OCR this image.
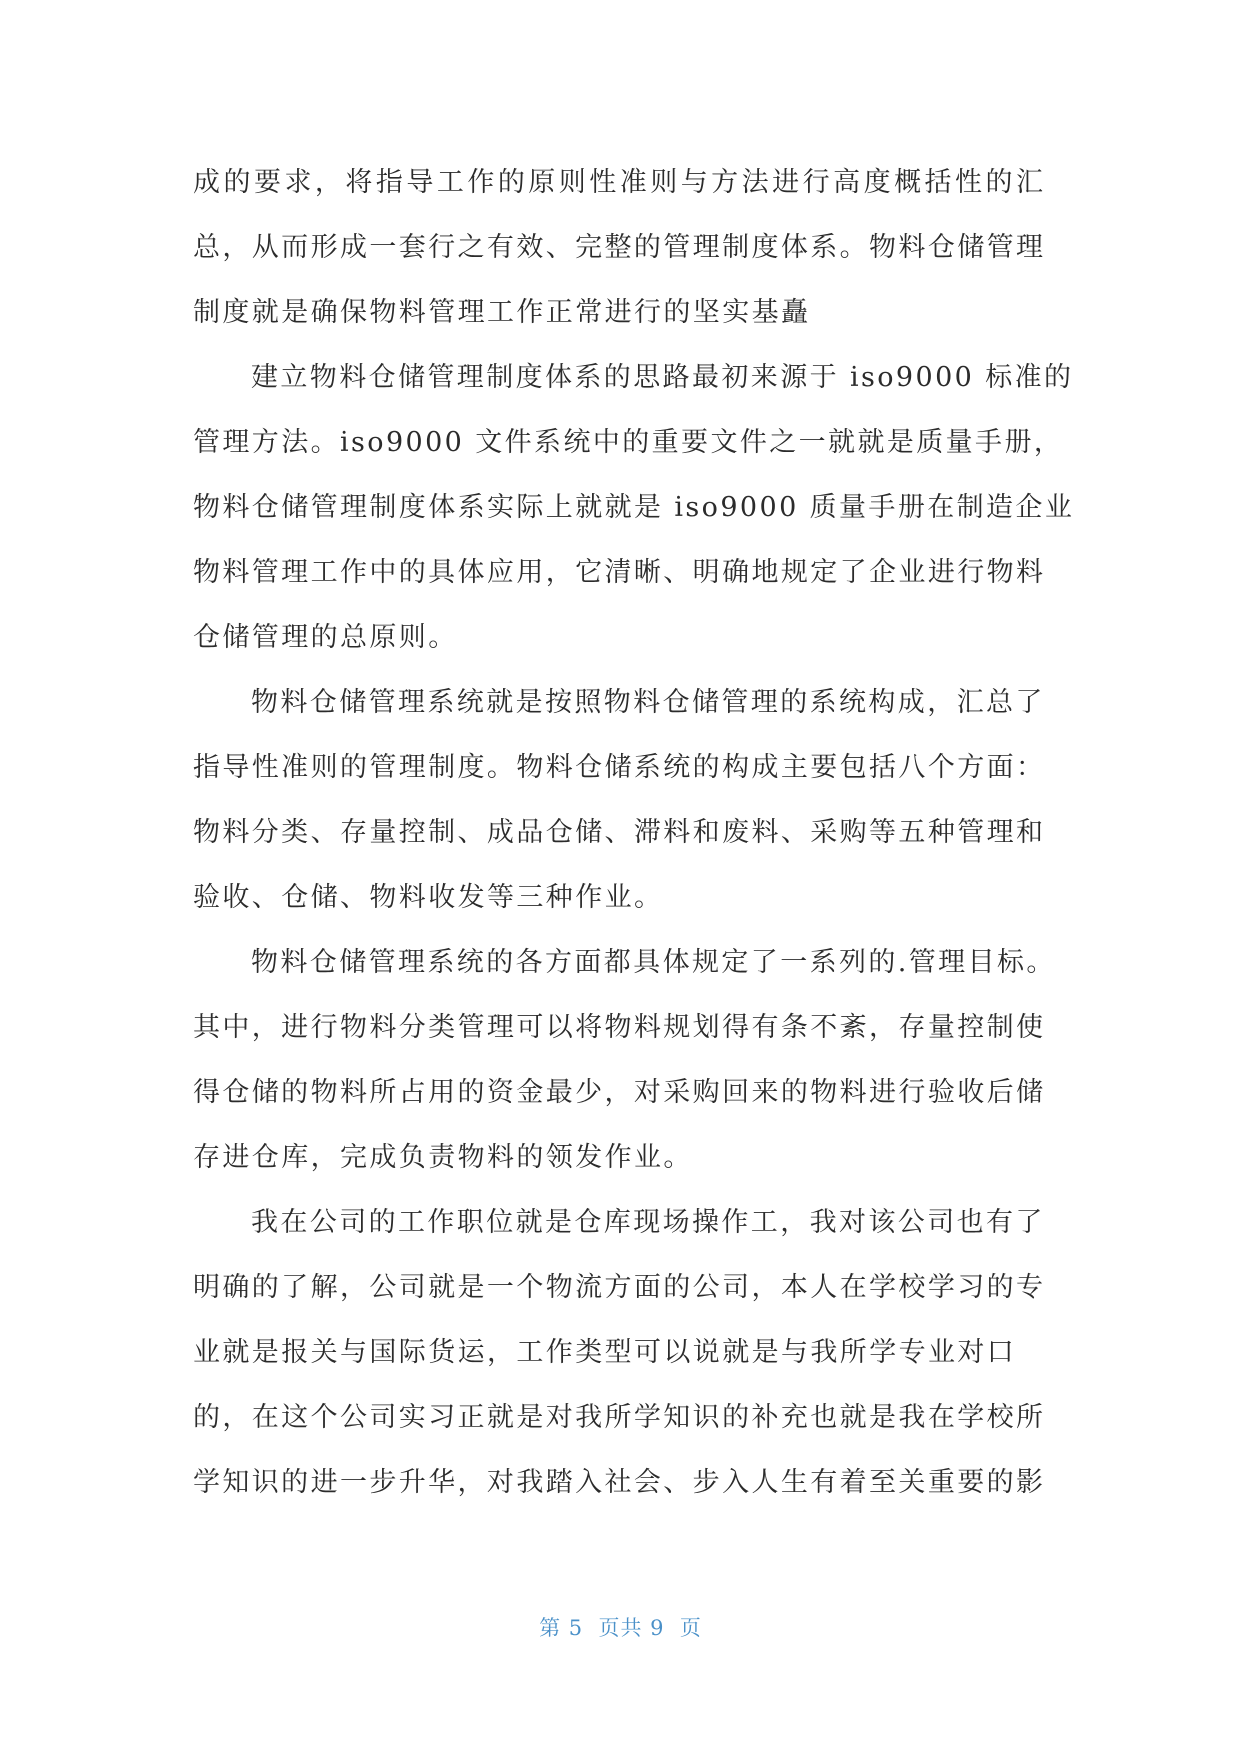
成的要求，将指导工作的原则性准则与方法进行高度概括性的汇
总，从而形成一套行之有效、完整的管理制度体系。物料仓储管理
制度就是确保物料管理工作正常进行的坚实基矗
建立物料仓储管理制度体系的思路最初来源于 iso9000 标准的
管理方法。iso9000 文件系统中的重要文件之一就就是质量手册，
物料仓储管理制度体系实际上就就是 iso9000 质量手册在制造企业
物料管理工作中的具体应用，它清晰、明确地规定了企业进行物料
仓储管理的总原则。
物料仓储管理系统就是按照物料仓储管理的系统构成，汇总了
指导性准则的管理制度。物料仓储系统的构成主要包括八个方面：
物料分类、存量控制、成品仓储、滞料和废料、采购等五种管理和
验收、仓储、物料收发等三种作业。
物料仓储管理系统的各方面都具体规定了一系列的.管理目标。
其中，进行物料分类管理可以将物料规划得有条不紊，存量控制使
得仓储的物料所占用的资金最少，对采购回来的物料进行验收后储
存进仓库，完成负责物料的领发作业。
我在公司的工作职位就是仓库现场操作工，我对该公司也有了
明确的了解，公司就是一个物流方面的公司，本人在学校学习的专
业就是报关与国际货运，工作类型可以说就是与我所学专业对口
的，在这个公司实习正就是对我所学知识的补充也就是我在学校所
学知识的进一步升华，对我踏入社会、步入人生有着至关重要的影
第 5  页共 9  页
